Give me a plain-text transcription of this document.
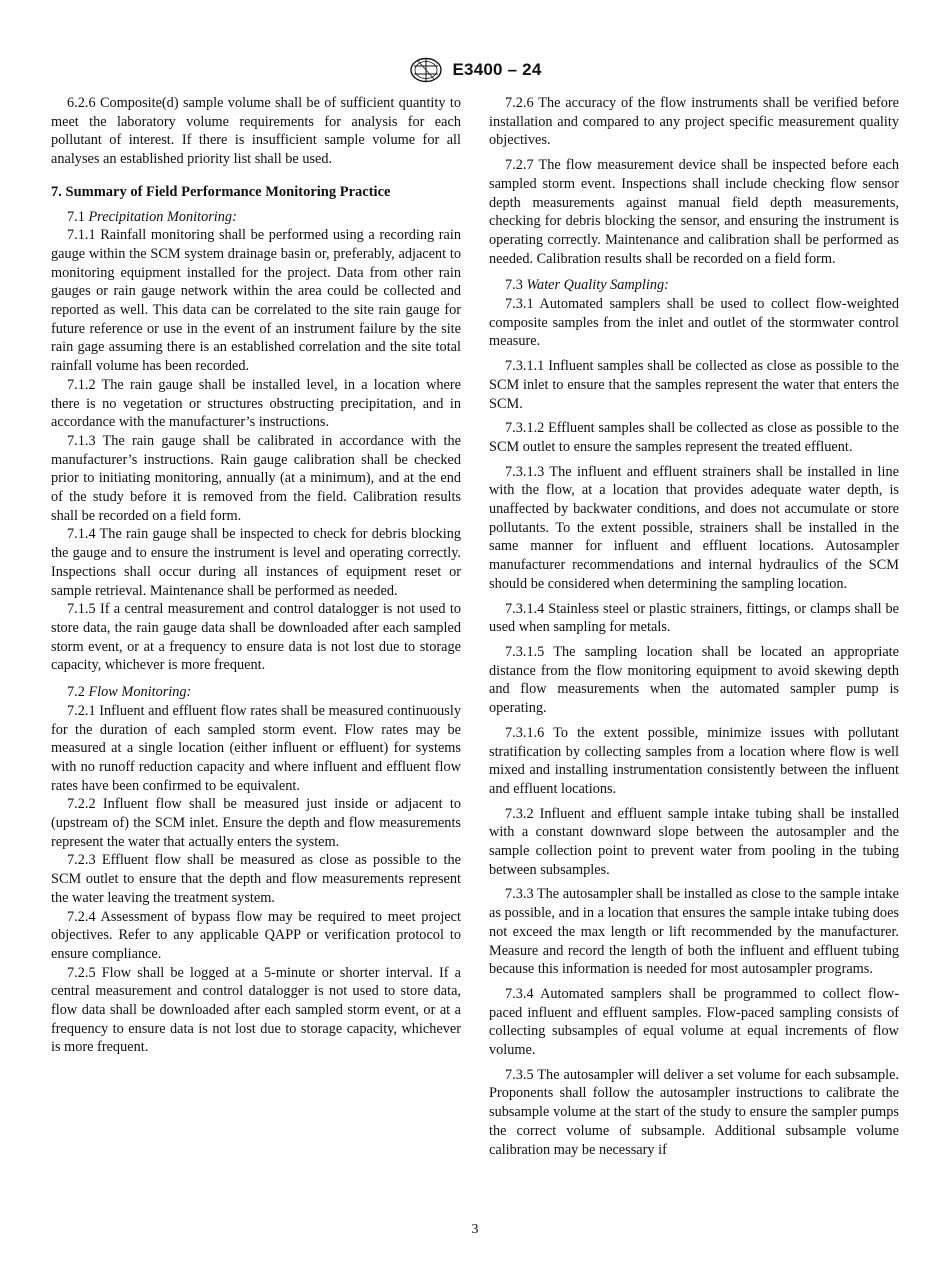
E3400 – 24

6.2.6 Composite(d) sample volume shall be of sufficient quantity to meet the laboratory volume requirements for analysis for each pollutant of interest. If there is insufficient sample volume for all analyses an established priority list shall be used.

7. Summary of Field Performance Monitoring Practice

7.1 Precipitation Monitoring:

7.1.1 Rainfall monitoring shall be performed using a recording rain gauge within the SCM system drainage basin or, preferably, adjacent to monitoring equipment installed for the project. Data from other rain gauges or rain gauge network within the area could be collected and reported as well. This data can be correlated to the site rain gauge for future reference or use in the event of an instrument failure by the site rain gage assuming there is an established correlation and the site total rainfall volume has been recorded.

7.1.2 The rain gauge shall be installed level, in a location where there is no vegetation or structures obstructing precipitation, and in accordance with the manufacturer’s instructions.

7.1.3 The rain gauge shall be calibrated in accordance with the manufacturer’s instructions. Rain gauge calibration shall be checked prior to initiating monitoring, annually (at a minimum), and at the end of the study before it is removed from the field. Calibration results shall be recorded on a field form.

7.1.4 The rain gauge shall be inspected to check for debris blocking the gauge and to ensure the instrument is level and operating correctly. Inspections shall occur during all instances of equipment reset or sample retrieval. Maintenance shall be performed as needed.

7.1.5 If a central measurement and control datalogger is not used to store data, the rain gauge data shall be downloaded after each sampled storm event, or at a frequency to ensure data is not lost due to storage capacity, whichever is more frequent.

7.2 Flow Monitoring:

7.2.1 Influent and effluent flow rates shall be measured continuously for the duration of each sampled storm event. Flow rates may be measured at a single location (either influent or effluent) for systems with no runoff reduction capacity and where influent and effluent flow rates have been confirmed to be equivalent.

7.2.2 Influent flow shall be measured just inside or adjacent to (upstream of) the SCM inlet. Ensure the depth and flow measurements represent the water that actually enters the system.

7.2.3 Effluent flow shall be measured as close as possible to the SCM outlet to ensure that the depth and flow measurements represent the water leaving the treatment system.

7.2.4 Assessment of bypass flow may be required to meet project objectives. Refer to any applicable QAPP or verification protocol to ensure compliance.

7.2.5 Flow shall be logged at a 5-minute or shorter interval. If a central measurement and control datalogger is not used to store data, flow data shall be downloaded after each sampled storm event, or at a frequency to ensure data is not lost due to storage capacity, whichever is more frequent.

7.2.6 The accuracy of the flow instruments shall be verified before installation and compared to any project specific measurement quality objectives.

7.2.7 The flow measurement device shall be inspected before each sampled storm event. Inspections shall include checking flow sensor depth measurements against manual field depth measurements, checking for debris blocking the sensor, and ensuring the instrument is operating correctly. Maintenance and calibration shall be performed as needed. Calibration results shall be recorded on a field form.

7.3 Water Quality Sampling:

7.3.1 Automated samplers shall be used to collect flow-weighted composite samples from the inlet and outlet of the stormwater control measure.

7.3.1.1 Influent samples shall be collected as close as possible to the SCM inlet to ensure that the samples represent the water that enters the SCM.

7.3.1.2 Effluent samples shall be collected as close as possible to the SCM outlet to ensure the samples represent the treated effluent.

7.3.1.3 The influent and effluent strainers shall be installed in line with the flow, at a location that provides adequate water depth, is unaffected by backwater conditions, and does not accumulate or store pollutants. To the extent possible, strainers shall be installed in the same manner for influent and effluent locations. Autosampler manufacturer recommendations and internal hydraulics of the SCM should be considered when determining the sampling location.

7.3.1.4 Stainless steel or plastic strainers, fittings, or clamps shall be used when sampling for metals.

7.3.1.5 The sampling location shall be located an appropriate distance from the flow monitoring equipment to avoid skewing depth and flow measurements when the automated sampler pump is operating.

7.3.1.6 To the extent possible, minimize issues with pollutant stratification by collecting samples from a location where flow is well mixed and installing instrumentation consistently between the influent and effluent locations.

7.3.2 Influent and effluent sample intake tubing shall be installed with a constant downward slope between the autosampler and the sample collection point to prevent water from pooling in the tubing between subsamples.

7.3.3 The autosampler shall be installed as close to the sample intake as possible, and in a location that ensures the sample intake tubing does not exceed the max length or lift recommended by the manufacturer. Measure and record the length of both the influent and effluent tubing because this information is needed for most autosampler programs.

7.3.4 Automated samplers shall be programmed to collect flow-paced influent and effluent samples. Flow-paced sampling consists of collecting subsamples of equal volume at equal increments of flow volume.

7.3.5 The autosampler will deliver a set volume for each subsample. Proponents shall follow the autosampler instructions to calibrate the subsample volume at the start of the study to ensure the sampler pumps the correct volume of subsample. Additional subsample volume calibration may be necessary if

3
